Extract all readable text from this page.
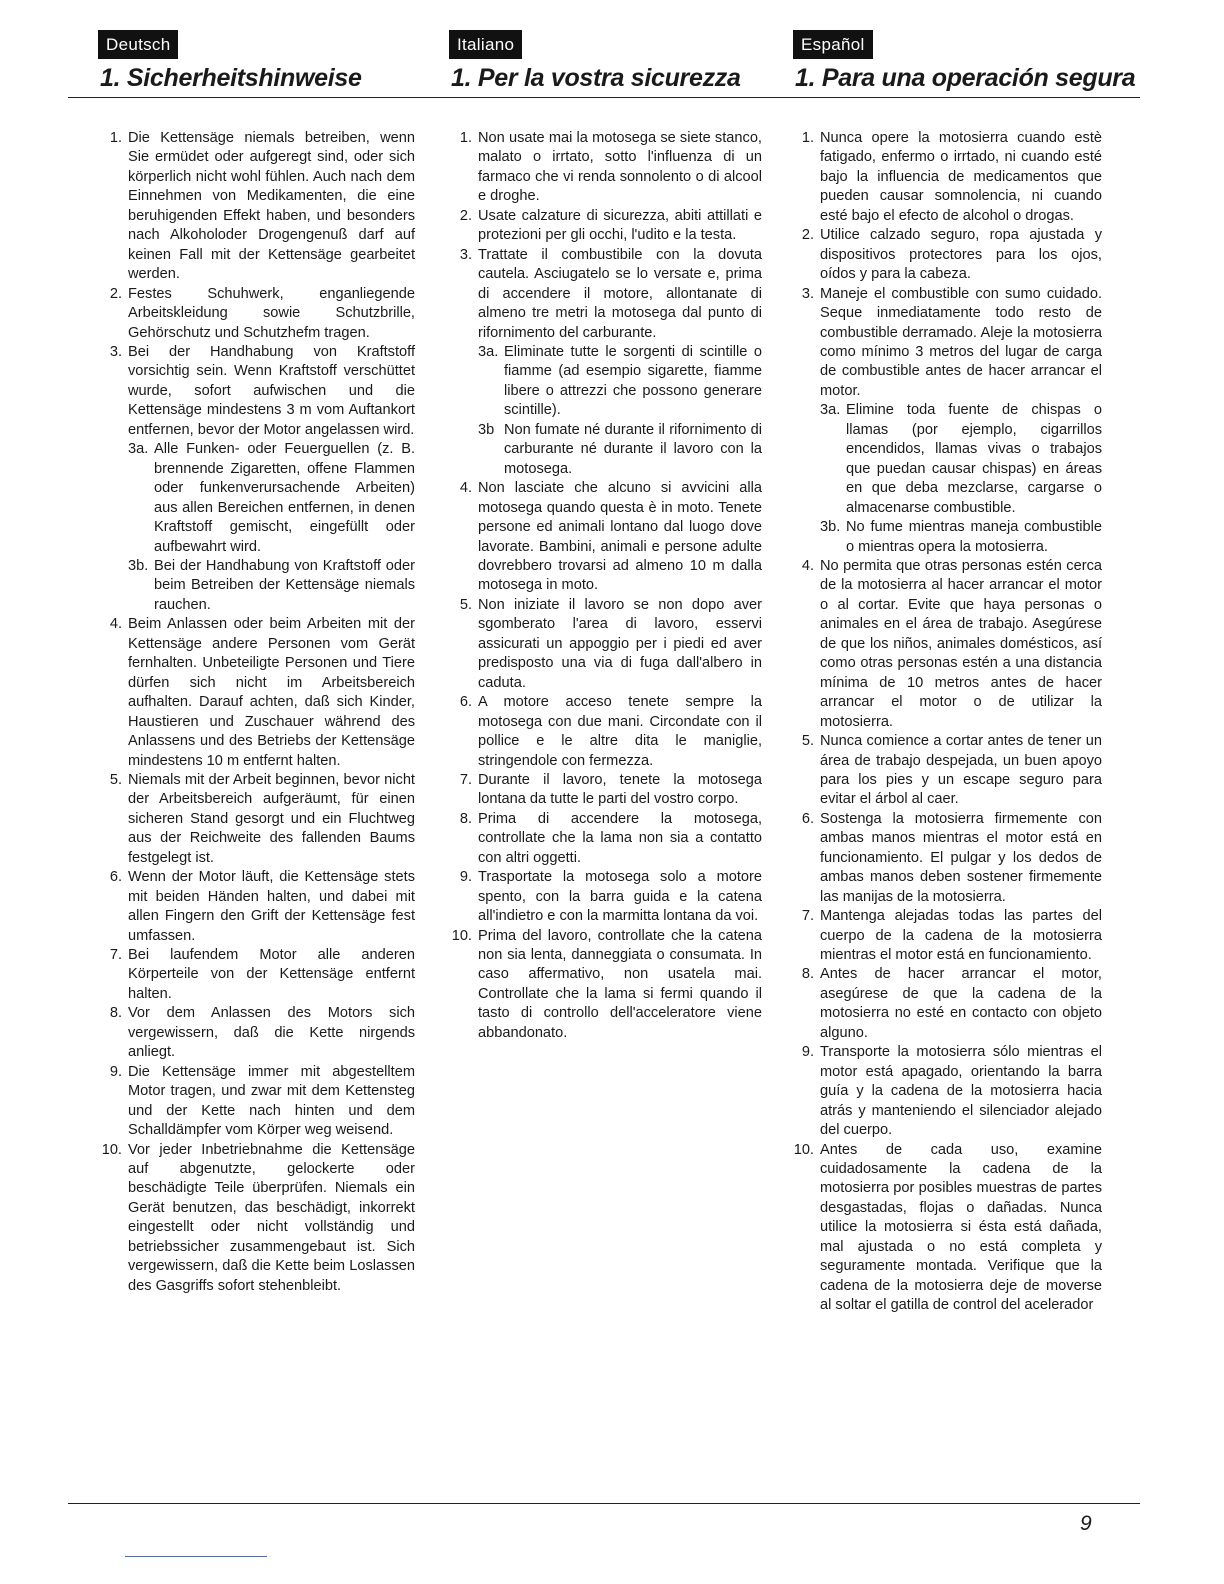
Deutsch
1. Sicherheitshinweise
Italiano
1. Per la vostra sicurezza
Español
1. Para una operación segura
1. Die Kettensäge niemals betreiben, wenn Sie ermüdet oder aufgeregt sind, oder sich körperlich nicht wohl fühlen. Auch nach dem Einnehmen von Medikamenten, die eine beruhigenden Effekt haben, und besonders nach Alkoholoder Drogengenuß darf auf keinen Fall mit der Kettensäge gearbeitet werden.
2. Festes Schuhwerk, enganliegende Arbeitskleidung sowie Schutzbrille, Gehörschutz und Schutzhefm tragen.
3. Bei der Handhabung von Kraftstoff vorsichtig sein. Wenn Kraftstoff verschüttet wurde, sofort aufwischen und die Kettensäge mindestens 3 m vom Auftankort entfernen, bevor der Motor angelassen wird.
3a. Alle Funken- oder Feuerguellen (z. B. brennende Zigaretten, offene Flammen oder funkenverursachende Arbeiten) aus allen Bereichen entfernen, in denen Kraftstoff gemischt, eingefüllt oder aufbewahrt wird.
3b. Bei der Handhabung von Kraftstoff oder beim Betreiben der Kettensäge niemals rauchen.
4. Beim Anlassen oder beim Arbeiten mit der Kettensäge andere Personen vom Gerät fernhalten. Unbeteiligte Personen und Tiere dürfen sich nicht im Arbeitsbereich aufhalten. Darauf achten, daß sich Kinder, Haustieren und Zuschauer während des Anlassens und des Betriebs der Kettensäge mindestens 10 m entfernt halten.
5. Niemals mit der Arbeit beginnen, bevor nicht der Arbeitsbereich aufgeräumt, für einen sicheren Stand gesorgt und ein Fluchtweg aus der Reichweite des fallenden Baums festgelegt ist.
6. Wenn der Motor läuft, die Kettensäge stets mit beiden Händen halten, und dabei mit allen Fingern den Grift der Kettensäge fest umfassen.
7. Bei laufendem Motor alle anderen Körperteile von der Kettensäge entfernt halten.
8. Vor dem Anlassen des Motors sich vergewissern, daß die Kette nirgends anliegt.
9. Die Kettensäge immer mit abgestelltem Motor tragen, und zwar mit dem Kettensteg und der Kette nach hinten und dem Schalldämpfer vom Körper weg weisend.
10. Vor jeder Inbetriebnahme die Kettensäge auf abgenutzte, gelockerte oder beschädigte Teile überprüfen. Niemals ein Gerät benutzen, das beschädigt, inkorrekt eingestellt oder nicht vollständig und betriebssicher zusammengebaut ist. Sich vergewissern, daß die Kette beim Loslassen des Gasgriffs sofort stehenbleibt.
1. Non usate mai la motosega se siete stanco, malato o irrtato, sotto l'influenza di un farmaco che vi renda sonnolento o di alcool e droghe.
2. Usate calzature di sicurezza, abiti attillati e protezioni per gli occhi, l'udito e la testa.
3. Trattate il combustibile con la dovuta cautela. Asciugatelo se lo versate e, prima di accendere il motore, allontanate di almeno tre metri la motosega dal punto di rifornimento del carburante.
3a. Eliminate tutte le sorgenti di scintille o fiamme (ad esempio sigarette, fiamme libere o attrezzi che possono generare scintille).
3b Non fumate né durante il rifornimento di carburante né durante il lavoro con la motosega.
4. Non lasciate che alcuno si avvicini alla motosega quando questa è in moto. Tenete persone ed animali lontano dal luogo dove lavorate. Bambini, animali e persone adulte dovrebbero trovarsi ad almeno 10 m dalla motosega in moto.
5. Non iniziate il lavoro se non dopo aver sgomberato l'area di lavoro, esservi assicurati un appoggio per i piedi ed aver predisposto una via di fuga dall'albero in caduta.
6. A motore acceso tenete sempre la motosega con due mani. Circondate con il pollice e le altre dita le maniglie, stringendole con fermezza.
7. Durante il lavoro, tenete la motosega lontana da tutte le parti del vostro corpo.
8. Prima di accendere la motosega, controllate che la lama non sia a contatto con altri oggetti.
9. Trasportate la motosega solo a motore spento, con la barra guida e la catena all'indietro e con la marmitta lontana da voi.
10. Prima del lavoro, controllate che la catena non sia lenta, danneggiata o consumata. In caso affermativo, non usatela mai. Controllate che la lama si fermi quando il tasto di controllo dell'acceleratore viene abbandonato.
1. Nunca opere la motosierra cuando estè fatigado, enfermo o irrtado, ni cuando esté bajo la influencia de medicamentos que pueden causar somnolencia, ni cuando esté bajo el efecto de alcohol o drogas.
2. Utilice calzado seguro, ropa ajustada y dispositivos protectores para los ojos, oídos y para la cabeza.
3. Maneje el combustible con sumo cuidado. Seque inmediatamente todo resto de combustible derramado. Aleje la motosierra como mínimo 3 metros del lugar de carga de combustible antes de hacer arrancar el motor.
3a. Elimine toda fuente de chispas o llamas (por ejemplo, cigarrillos encendidos, llamas vivas o trabajos que puedan causar chispas) en áreas en que deba mezclarse, cargarse o almacenarse combustible.
3b. No fume mientras maneja combustible o mientras opera la motosierra.
4. No permita que otras personas estén cerca de la motosierra al hacer arrancar el motor o al cortar. Evite que haya personas o animales en el área de trabajo. Asegúrese de que los niños, animales domésticos, así como otras personas estén a una distancia mínima de 10 metros antes de hacer arrancar el motor o de utilizar la motosierra.
5. Nunca comience a cortar antes de tener un área de trabajo despejada, un buen apoyo para los pies y un escape seguro para evitar el árbol al caer.
6. Sostenga la motosierra firmemente con ambas manos mientras el motor está en funcionamiento. El pulgar y los dedos de ambas manos deben sostener firmemente las manijas de la motosierra.
7. Mantenga alejadas todas las partes del cuerpo de la cadena de la motosierra mientras el motor está en funcionamiento.
8. Antes de hacer arrancar el motor, asegúrese de que la cadena de la motosierra no esté en contacto con objeto alguno.
9. Transporte la motosierra sólo mientras el motor está apagado, orientando la barra guía y la cadena de la motosierra hacia atrás y manteniendo el silenciador alejado del cuerpo.
10. Antes de cada uso, examine cuidadosamente la cadena de la motosierra por posibles muestras de partes desgastadas, flojas o dañadas. Nunca utilice la motosierra si ésta está dañada, mal ajustada o no está completa y seguramente montada. Verifique que la cadena de la motosierra deje de moverse al soltar el gatilla de control del acelerador
9
